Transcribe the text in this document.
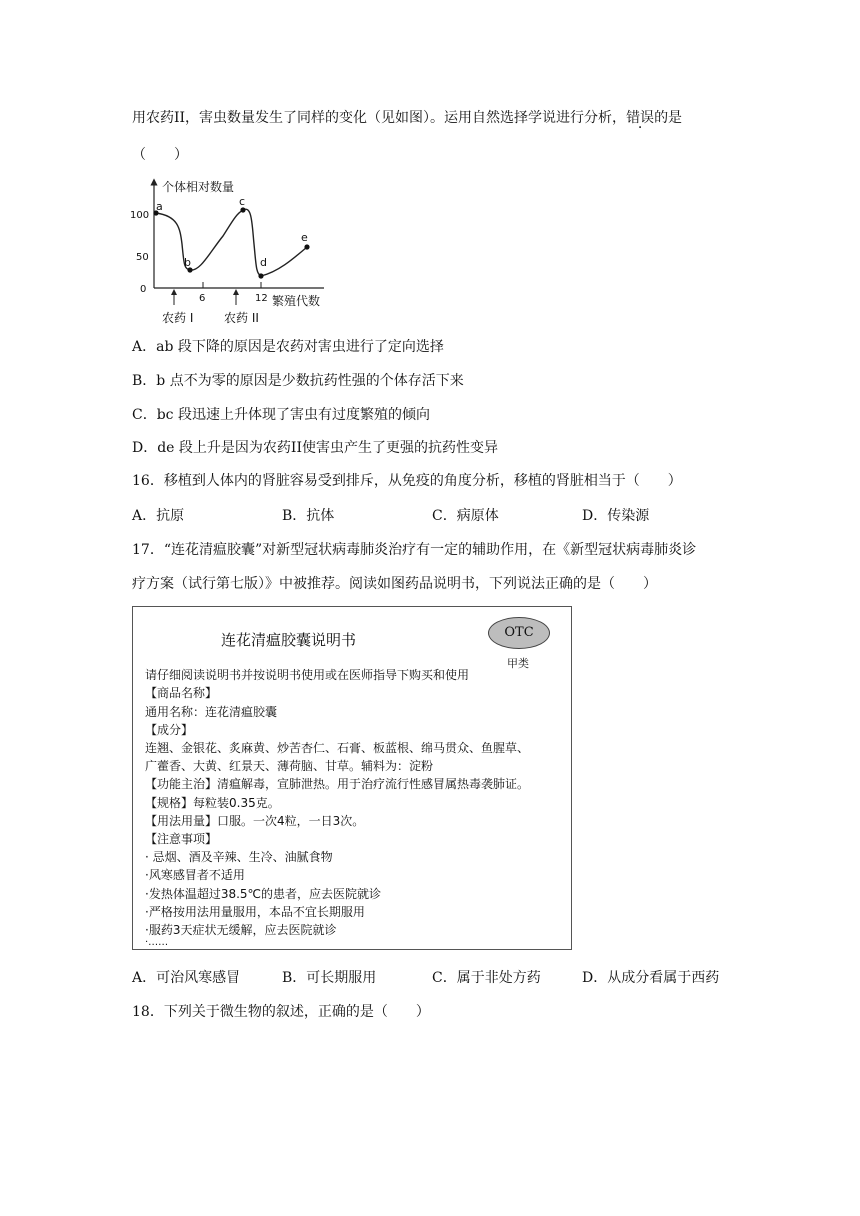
用农药II，害虫数量发生了同样的变化（见如图）。运用自然选择学说进行分析，错误的是
（　　）
个体相对数量
100
50
0
6	12 繁殖代数
a
b
c
d
e
农药 I	农药 II
A．ab 段下降的原因是农药对害虫进行了定向选择
B．b 点不为零的原因是少数抗药性强的个体存活下来
C．bc 段迅速上升体现了害虫有过度繁殖的倾向
D．de 段上升是因为农药II使害虫产生了更强的抗药性变异
16．移植到人体内的肾脏容易受到排斥，从免疫的角度分析，移植的肾脏相当于（　　）
A．抗原	B．抗体	C．病原体	D．传染源
17．“连花清瘟胶囊”对新型冠状病毒肺炎治疗有一定的辅助作用，在《新型冠状病毒肺炎诊
疗方案（试行第七版）》中被推荐。阅读如图药品说明书，下列说法正确的是（　　）
连花清瘟胶囊说明书	OTC
甲类
请仔细阅读说明书并按说明书使用或在医师指导下购买和使用
【商品名称】
通用名称：连花清瘟胶囊
【成分】
连翘、金银花、炙麻黄、炒苦杏仁、石膏、板蓝根、绵马贯众、鱼腥草、
广藿香、大黄、红景天、薄荷脑、甘草。辅料为：淀粉
【功能主治】清瘟解毒，宣肺泄热。用于治疗流行性感冒属热毒袭肺证。
【规格】每粒装0.35克。
【用法用量】口服。一次4粒，一日3次。
【注意事项】
· 忌烟、酒及辛辣、生冷、油腻食物
·风寒感冒者不适用
·发热体温超过38.5℃的患者，应去医院就诊
·严格按用法用量服用，本品不宜长期服用
·服药3天症状无缓解，应去医院就诊
·……
A．可治风寒感冒	B．可长期服用	C．属于非处方药	D．从成分看属于西药
18．下列关于微生物的叙述，正确的是（　　）
